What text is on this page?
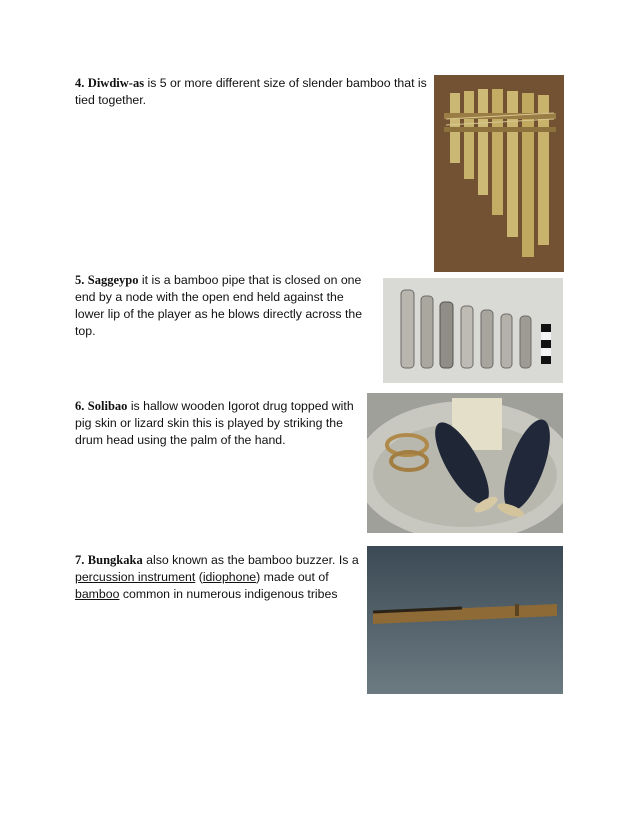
4. Diwdiw-as is 5 or more different size of slender bamboo that is tied together.
5. Saggeypo it is a bamboo pipe that is closed on one end by a node with the open end held against the lower lip of the player as he blows directly across the top.
6. Solibao is hallow wooden Igorot drug topped with pig skin or lizard skin this is played by striking the drum head using the palm of the hand.
7. Bungkaka also known as the bamboo buzzer. Is a percussion instrument (idiophone) made out of bamboo common in numerous indigenous tribes
